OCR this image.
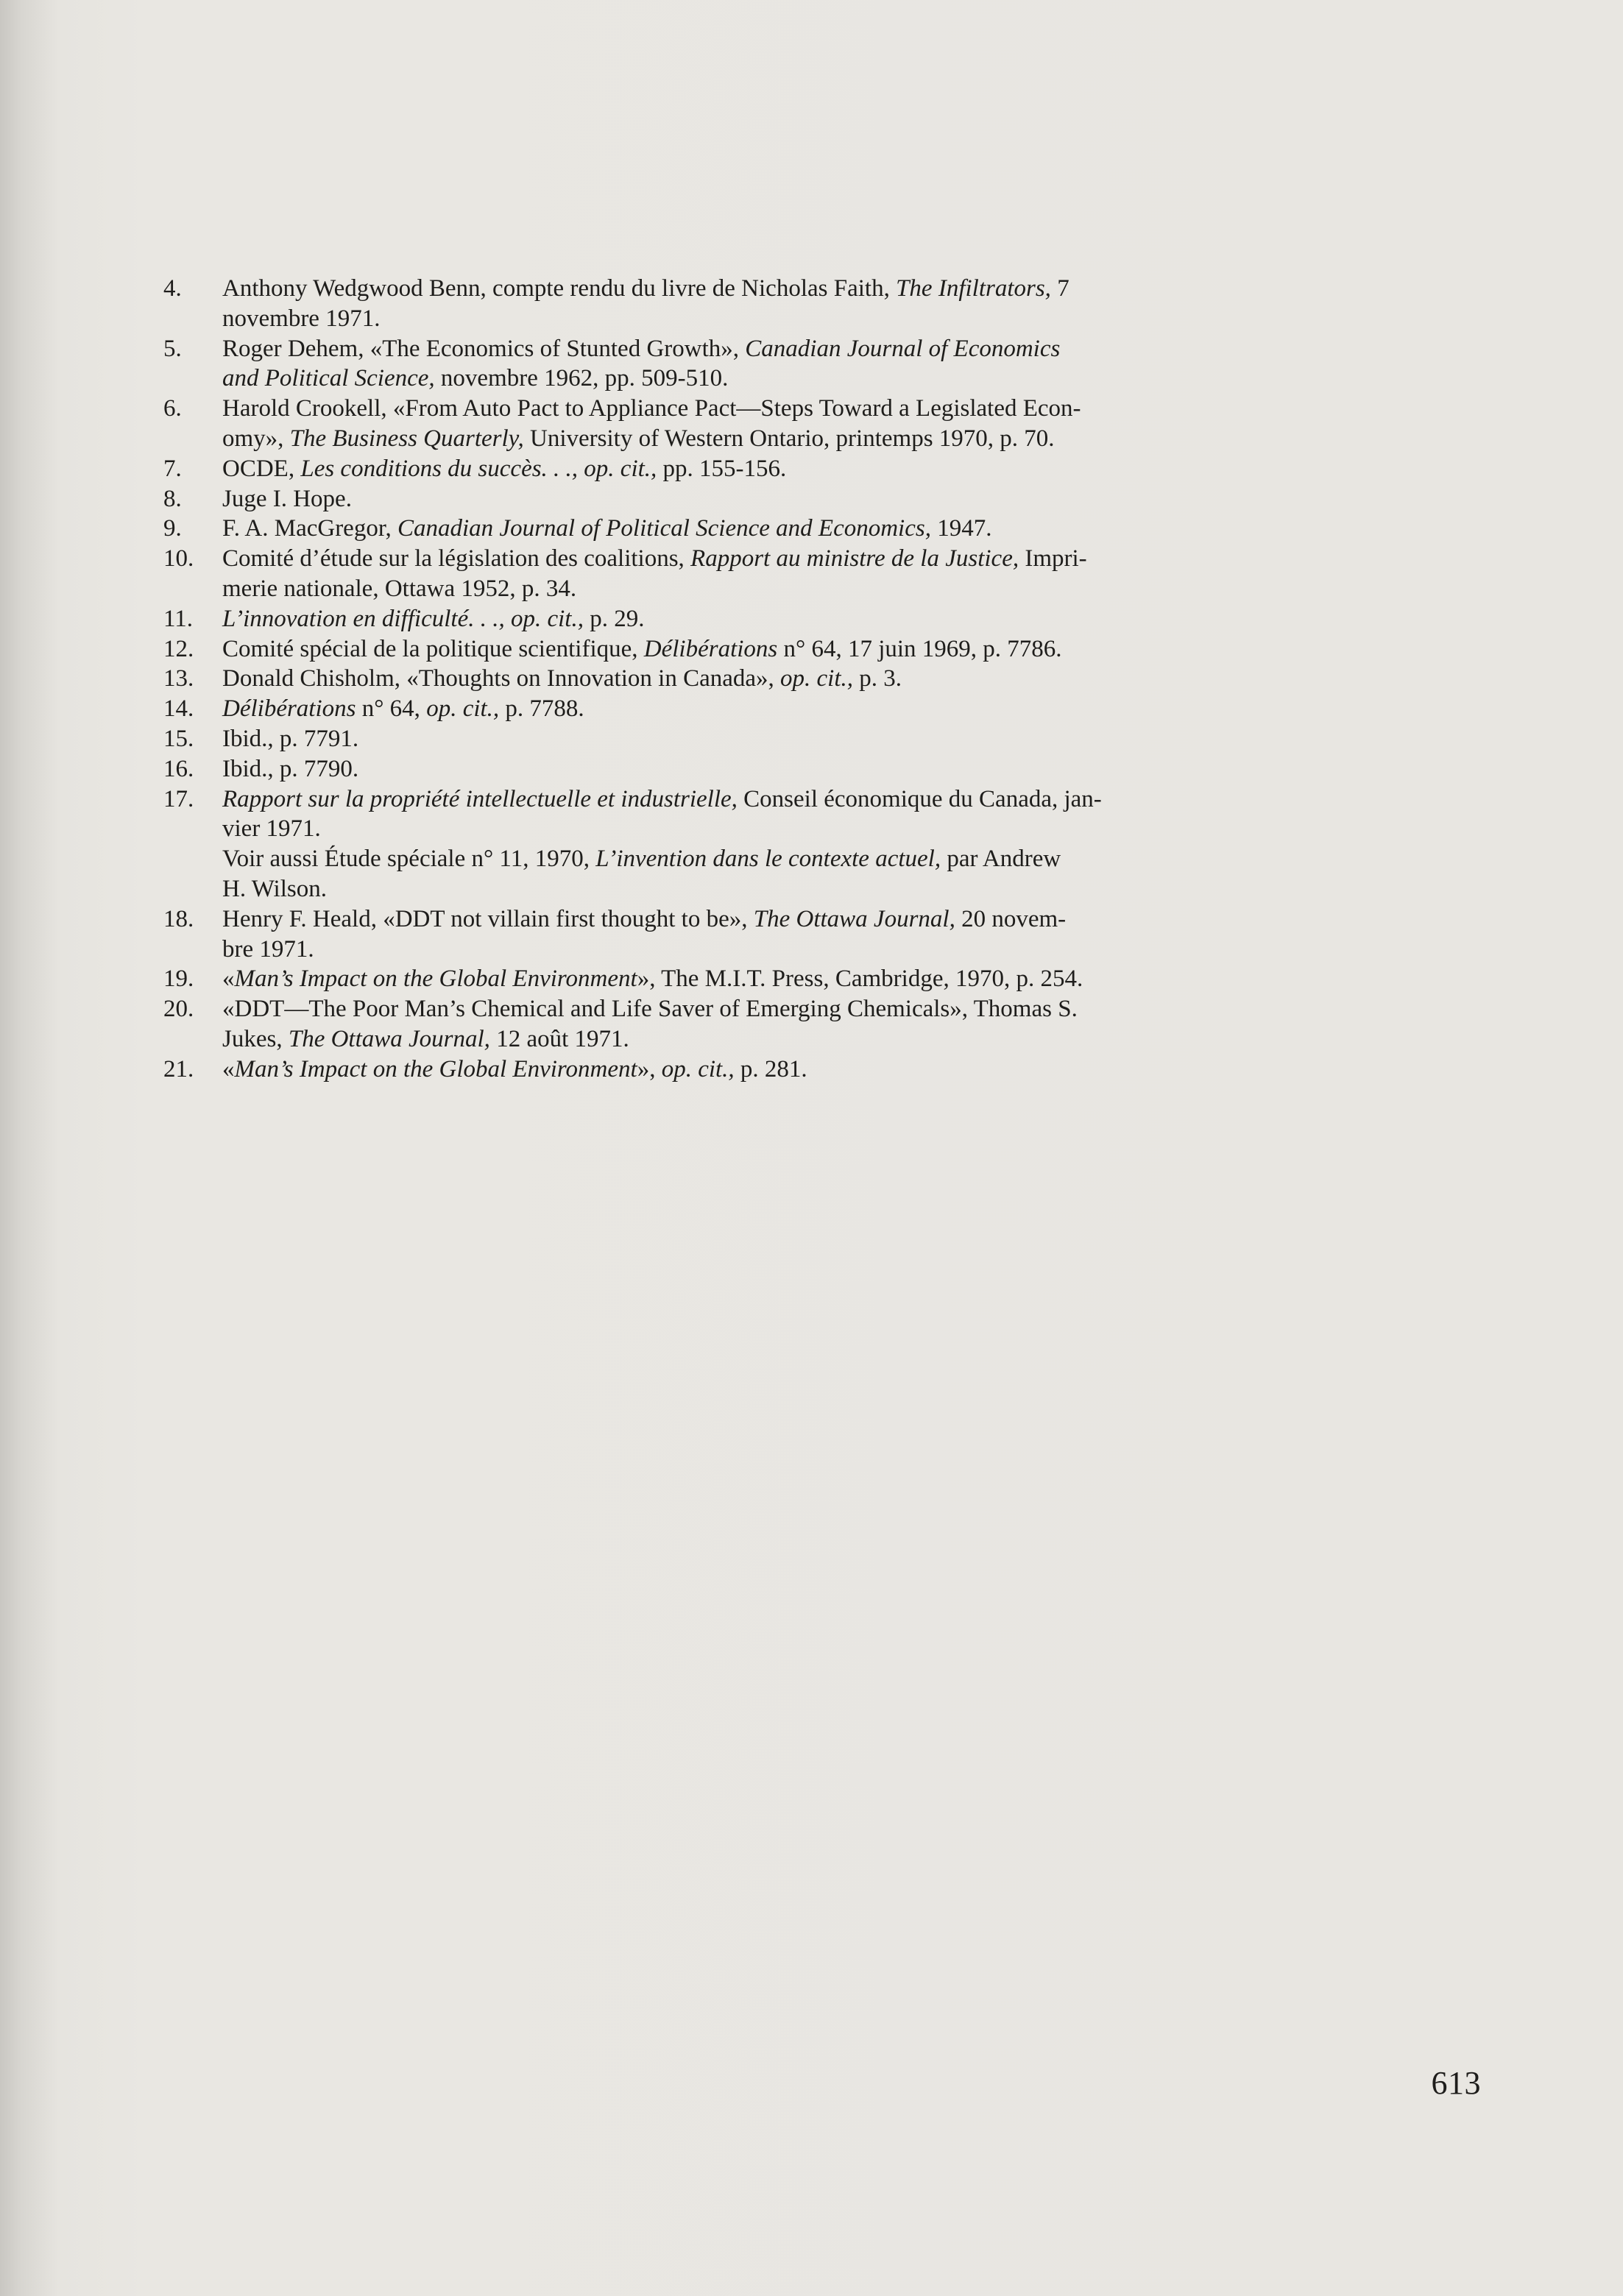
4.	Anthony Wedgwood Benn, compte rendu du livre de Nicholas Faith, The Infiltrators, 7
novembre 1971.
5.	Roger Dehem, «The Economics of Stunted Growth», Canadian Journal of Economics
and Political Science, novembre 1962, pp. 509-510.
6.	Harold Crookell, «From Auto Pact to Appliance Pact—Steps Toward a Legislated Econ-
omy», The Business Quarterly, University of Western Ontario, printemps 1970, p. 70.
7.	OCDE, Les conditions du succès. . ., op. cit., pp. 155-156.
8.	Juge I. Hope.
9.	F. A. MacGregor, Canadian Journal of Political Science and Economics, 1947.
10.	Comité d’étude sur la législation des coalitions, Rapport au ministre de la Justice, Impri-
merie nationale, Ottawa 1952, p. 34.
11.	L’innovation en difficulté. . ., op. cit., p. 29.
12.	Comité spécial de la politique scientifique, Délibérations n° 64, 17 juin 1969, p. 7786.
13.	Donald Chisholm, «Thoughts on Innovation in Canada», op. cit., p. 3.
14.	Délibérations n° 64, op. cit., p. 7788.
15.	Ibid., p. 7791.
16.	Ibid., p. 7790.
17.	Rapport sur la propriété intellectuelle et industrielle, Conseil économique du Canada, jan-
vier 1971.
Voir aussi Étude spéciale n° 11, 1970, L’invention dans le contexte actuel, par Andrew
H. Wilson.
18.	Henry F. Heald, «DDT not villain first thought to be», The Ottawa Journal, 20 novem-
bre 1971.
19.	«Man’s Impact on the Global Environment», The M.I.T. Press, Cambridge, 1970, p. 254.
20.	«DDT—The Poor Man’s Chemical and Life Saver of Emerging Chemicals», Thomas S.
Jukes, The Ottawa Journal, 12 août 1971.
21.	«Man’s Impact on the Global Environment», op. cit., p. 281.
613
